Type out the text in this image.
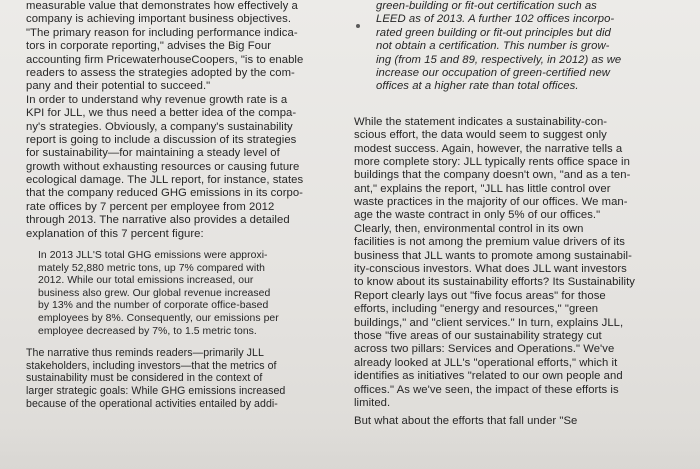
measurable value that demonstrates how effectively a
company is achieving important business objectives.
"The primary reason for including performance indica-
tors in corporate reporting," advises the Big Four
accounting firm PricewaterhouseCoopers, "is to enable
readers to assess the strategies adopted by the com-
pany and their potential to succeed."
In order to understand why revenue growth rate is a
KPI for JLL, we thus need a better idea of the compa-
ny's strategies. Obviously, a company's sustainability
report is going to include a discussion of its strategies
for sustainability—for maintaining a steady level of
growth without exhausting resources or causing future
ecological damage. The JLL report, for instance, states
that the company reduced GHG emissions in its corpo-
rate offices by 7 percent per employee from 2012
through 2013. The narrative also provides a detailed
explanation of this 7 percent figure:
In 2013 JLL'S total GHG emissions were approxi-
mately 52,880 metric tons, up 7% compared with
2012. While our total emissions increased, our
business also grew. Our global revenue increased
by 13% and the number of corporate office-based
employees by 8%. Consequently, our emissions per
employee decreased by 7%, to 1.5 metric tons.
The narrative thus reminds readers—primarily JLL
stakeholders, including investors—that the metrics of
sustainability must be considered in the context of
larger strategic goals: While GHG emissions increased
because of the operational activities entailed by addi-
green-building or fit-out certification such as
LEED as of 2013. A further 102 offices incorpo-
rated green building or fit-out principles but did
not obtain a certification. This number is grow-
ing (from 15 and 89, respectively, in 2012) as we
increase our occupation of green-certified new
offices at a higher rate than total offices.
While the statement indicates a sustainability-con-
scious effort, the data would seem to suggest only
modest success. Again, however, the narrative tells a
more complete story: JLL typically rents office space in
buildings that the company doesn't own, "and as a ten-
ant," explains the report, "JLL has little control over
waste practices in the majority of our offices. We man-
age the waste contract in only 5% of our offices."
Clearly, then, environmental control in its own
facilities is not among the premium value drivers of its
business that JLL wants to promote among sustainabil-
ity-conscious investors. What does JLL want investors
to know about its sustainability efforts? Its Sustainability
Report clearly lays out "five focus areas" for those
efforts, including "energy and resources," "green
buildings," and "client services." In turn, explains JLL,
those "five areas of our sustainability strategy cut
across two pillars: Services and Operations." We've
already looked at JLL's "operational efforts," which it
identifies as initiatives "related to our own people and
offices." As we've seen, the impact of these efforts is
limited.
But what about the efforts that fall under "Se
